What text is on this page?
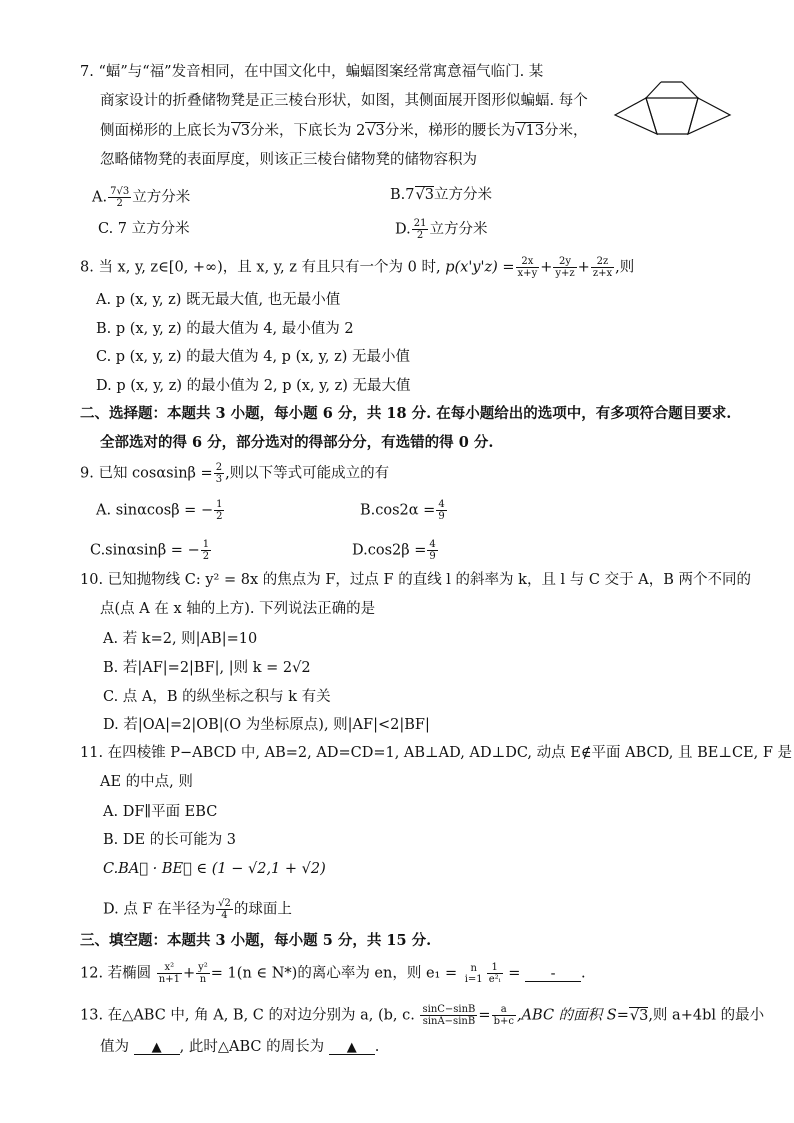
7. “蝠”与“福”发音相同，在中国文化中，蝙蝠图案经常寓意福气临门. 某
商家设计的折叠储物凳是正三棱台形状，如图，其侧面展开图形似蝙蝠. 每个
侧面梯形的上底长为√3分米，下底长为 2√3分米，梯形的腰长为√13分米，
忽略储物凳的表面厚度，则该正三棱台储物凳的储物容积为
A. $\frac{7√3}{2}$ 立方分米	B.7√3立方分米
C. 7 立方分米	D. $\frac{21}{2}$ 立方分米
8. 当 x, y, z∈[0, +∞)，且 x, y, z 有且只有一个为 0 时, $p(x'y'z) = \frac{2x}{x+y} + \frac{2y}{y+z} + \frac{2z}{z+x}$ ,则
A. p (x, y, z) 既无最大值, 也无最小值
B. p (x, y, z) 的最大值为 4, 最小值为 2
C. p (x, y, z) 的最大值为 4, p (x, y, z) 无最小值
D. p (x, y, z) 的最小值为 2, p (x, y, z) 无最大值
二、选择题：本题共 3 小题，每小题 6 分，共 18 分. 在每小题给出的选项中，有多项符合题目要求.
全部选对的得 6 分，部分选对的得部分分，有选错的得 0 分.
9. 已知 $\cos\alpha\sin\beta = \frac{2}{3}$ ,则以下等式可能成立的有
A. sinαcosβ = − $\frac{1}{2}$	$B.\cos 2\alpha = \frac{4}{9}$
C.sinαsinβ = − $\frac{1}{2}$	$D.\cos 2\beta = \frac{4}{9}$
10. 已知抛物线 C: y² = 8x 的焦点为 F，过点 F 的直线 l 的斜率为 k，且 l 与 C 交于 A，B 两个不同的
点(点 A 在 x 轴的上方). 下列说法正确的是
A. 若 k=2, 则|AB|=10
B. 若|AF|=2|BF|, |则 k = 2√2
C. 点 A，B 的纵坐标之积与 k 有关
D. 若|OA|=2|OB|(O 为坐标原点), 则|AF|<2|BF|
11. 在四棱锥 P−ABCD 中, AB=2, AD=CD=1, AB⊥AD, AD⊥DC, 动点 E∉平面 ABCD, 且 BE⊥CE, F 是
AE 的中点, 则
A. DF∥平面 EBC
B. DE 的长可能为 3
C.BA⃗ · BE⃗ ∈ (1 − √2,1 + √2)
D. 点 F 在半径为 $\frac{√2}{4}$ 的球面上
三、填空题：本题共 3 小题，每小题 5 分，共 15 分.
12. 若椭圆 $\frac{\text{x²}}{n+1} + \frac{\text{y²}}{n} = 1(n$ ∈ N*)的离心率为 en，则 e₁ =	n
$i=1 \frac{1}{\text{e²ᵢ}}$ = - .
13. 在△ABC 中, 角 A, B, C 的对边分别为 a, (b, c. $\frac{\sin C-\sin B}{\sin A-\sin B} = \frac{a}{b+c} ,ABC$ 的面积 S=√3,则 a+4bl 的最小
值为 ▲ , 此时△ABC 的周长为 ▲ .
